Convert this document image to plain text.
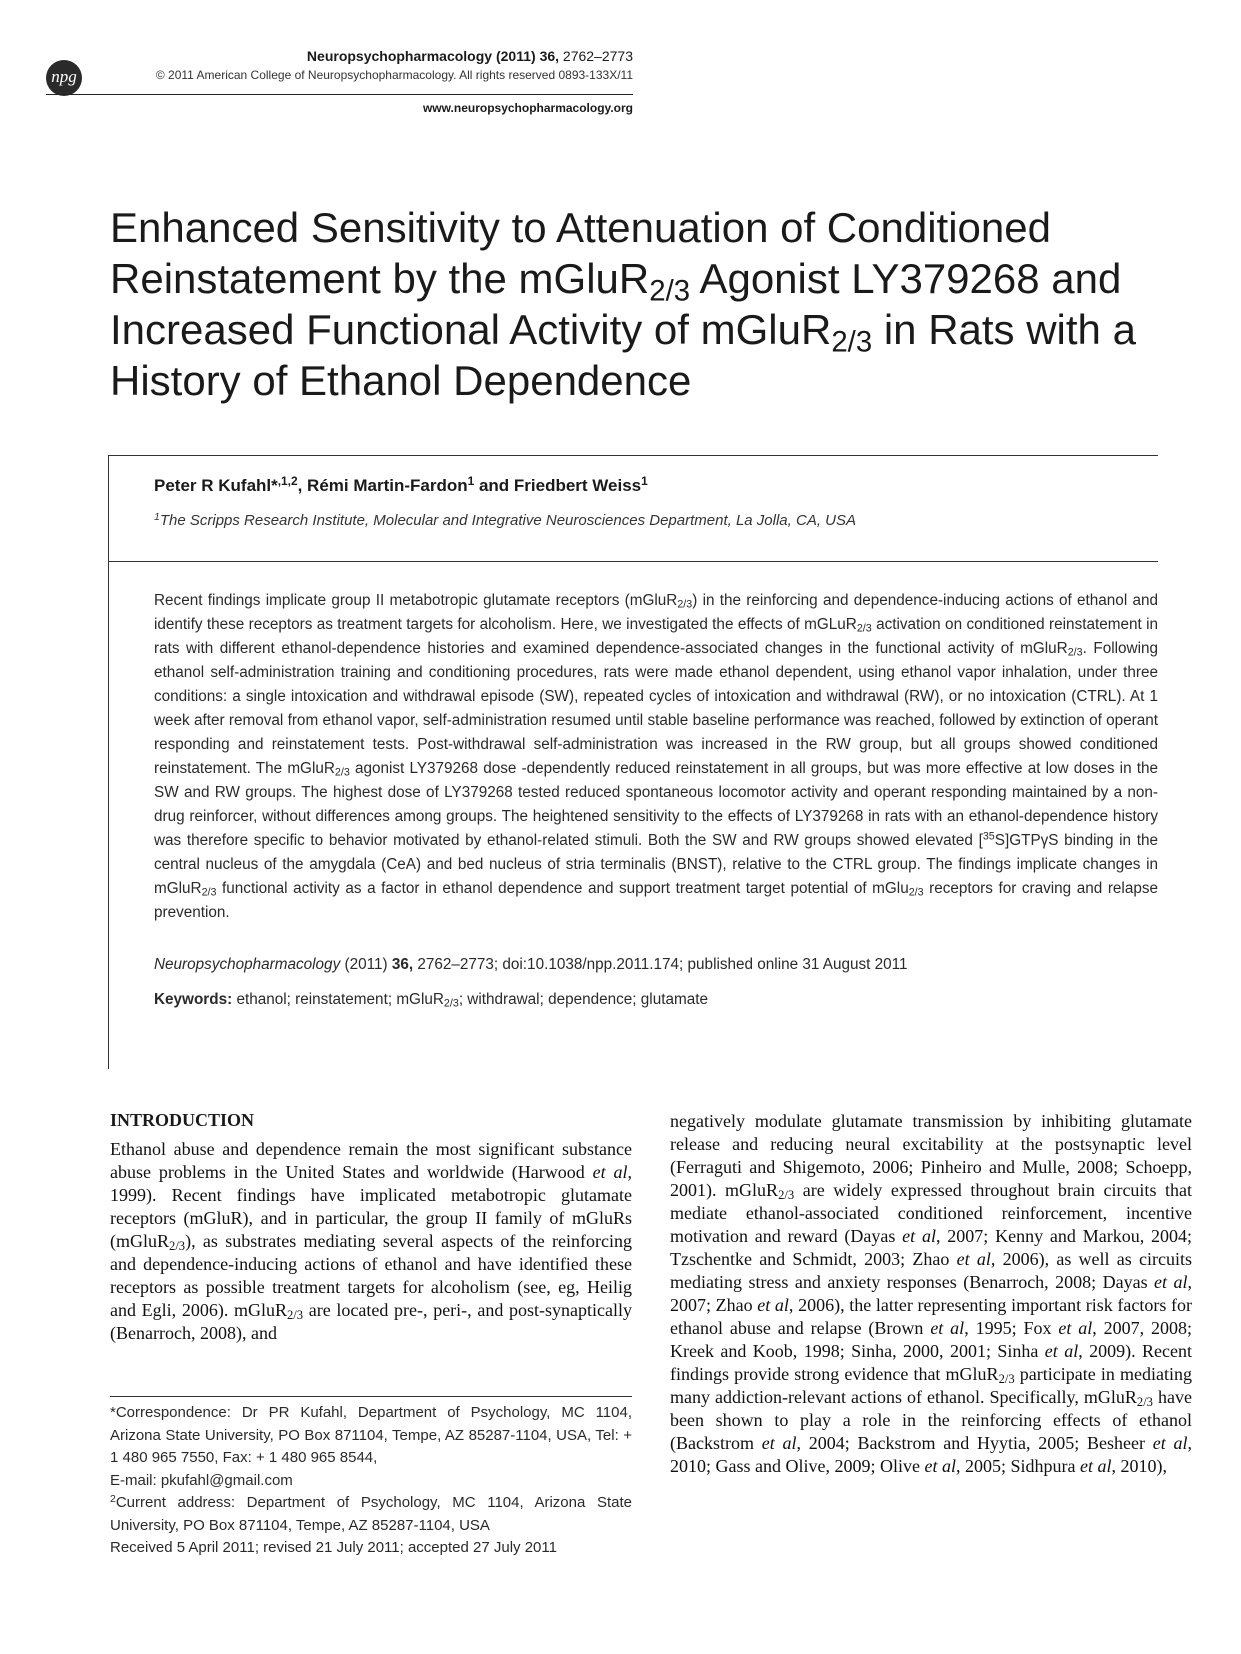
npg
Neuropsychopharmacology (2011) 36, 2762–2773
© 2011 American College of Neuropsychopharmacology. All rights reserved 0893-133X/11
www.neuropsychopharmacology.org
Enhanced Sensitivity to Attenuation of Conditioned Reinstatement by the mGluR$_{2/3}$ Agonist LY379268 and Increased Functional Activity of mGluR$_{2/3}$ in Rats with a History of Ethanol Dependence
Peter R Kufahl*$^{,1,2}$, Rémi Martin-Fardon$^1$ and Friedbert Weiss$^1$
$^1$The Scripps Research Institute, Molecular and Integrative Neurosciences Department, La Jolla, CA, USA

Recent findings implicate group II metabotropic glutamate receptors (mGluR$_{2/3}$) in the reinforcing and dependence-inducing actions of ethanol and identify these receptors as treatment targets for alcoholism. Here, we investigated the effects of mGLuR$_{2/3}$ activation on conditioned reinstatement in rats with different ethanol-dependence histories and examined dependence-associated changes in the functional activity of mGluR$_{2/3}$. Following ethanol self-administration training and conditioning procedures, rats were made ethanol dependent, using ethanol vapor inhalation, under three conditions: a single intoxication and withdrawal episode (SW), repeated cycles of intoxication and withdrawal (RW), or no intoxication (CTRL). At 1 week after removal from ethanol vapor, self-administration resumed until stable baseline performance was reached, followed by extinction of operant responding and reinstatement tests. Post-withdrawal self-administration was increased in the RW group, but all groups showed conditioned reinstatement. The mGluR$_{2/3}$ agonist LY379268 dose -dependently reduced reinstatement in all groups, but was more effective at low doses in the SW and RW groups. The highest dose of LY379268 tested reduced spontaneous locomotor activity and operant responding maintained by a non-drug reinforcer, without differences among groups. The heightened sensitivity to the effects of LY379268 in rats with an ethanol-dependence history was therefore specific to behavior motivated by ethanol-related stimuli. Both the SW and RW groups showed elevated [$^{35}$S]GTPγS binding in the central nucleus of the amygdala (CeA) and bed nucleus of stria terminalis (BNST), relative to the CTRL group. The findings implicate changes in mGluR$_{2/3}$ functional activity as a factor in ethanol dependence and support treatment target potential of mGlu$_{2/3}$ receptors for craving and relapse prevention.

Neuropsychopharmacology (2011) 36, 2762–2773; doi:10.1038/npp.2011.174; published online 31 August 2011
Keywords: ethanol; reinstatement; mGluR$_{2/3}$; withdrawal; dependence; glutamate
INTRODUCTION

Ethanol abuse and dependence remain the most significant substance abuse problems in the United States and worldwide (Harwood et al, 1999). Recent findings have implicated metabotropic glutamate receptors (mGluR), and in particular, the group II family of mGluRs (mGluR$_{2/3}$), as substrates mediating several aspects of the reinforcing and dependence-inducing actions of ethanol and have identified these receptors as possible treatment targets for alcoholism (see, eg, Heilig and Egli, 2006). mGluR$_{2/3}$ are located pre-, peri-, and post-synaptically (Benarroch, 2008), and

negatively modulate glutamate transmission by inhibiting glutamate release and reducing neural excitability at the postsynaptic level (Ferraguti and Shigemoto, 2006; Pinheiro and Mulle, 2008; Schoepp, 2001). mGluR$_{2/3}$ are widely expressed throughout brain circuits that mediate ethanol-associated conditioned reinforcement, incentive motivation and reward (Dayas et al, 2007; Kenny and Markou, 2004; Tzschentke and Schmidt, 2003; Zhao et al, 2006), as well as circuits mediating stress and anxiety responses (Benarroch, 2008; Dayas et al, 2007; Zhao et al, 2006), the latter representing important risk factors for ethanol abuse and relapse (Brown et al, 1995; Fox et al, 2007, 2008; Kreek and Koob, 1998; Sinha, 2000, 2001; Sinha et al, 2009). Recent findings provide strong evidence that mGluR$_{2/3}$ participate in mediating many addiction-relevant actions of ethanol. Specifically, mGluR$_{2/3}$ have been shown to play a role in the reinforcing effects of ethanol (Backstrom et al, 2004; Backstrom and Hyytia, 2005; Besheer et al, 2010; Gass and Olive, 2009; Olive et al, 2005; Sidhpura et al, 2010),

*Correspondence: Dr PR Kufahl, Department of Psychology, MC 1104, Arizona State University, PO Box 871104, Tempe, AZ 85287-1104, USA, Tel: + 1 480 965 7550, Fax: + 1 480 965 8544,
E-mail: pkufahl@gmail.com
$^2$Current address: Department of Psychology, MC 1104, Arizona State University, PO Box 871104, Tempe, AZ 85287-1104, USA
Received 5 April 2011; revised 21 July 2011; accepted 27 July 2011
